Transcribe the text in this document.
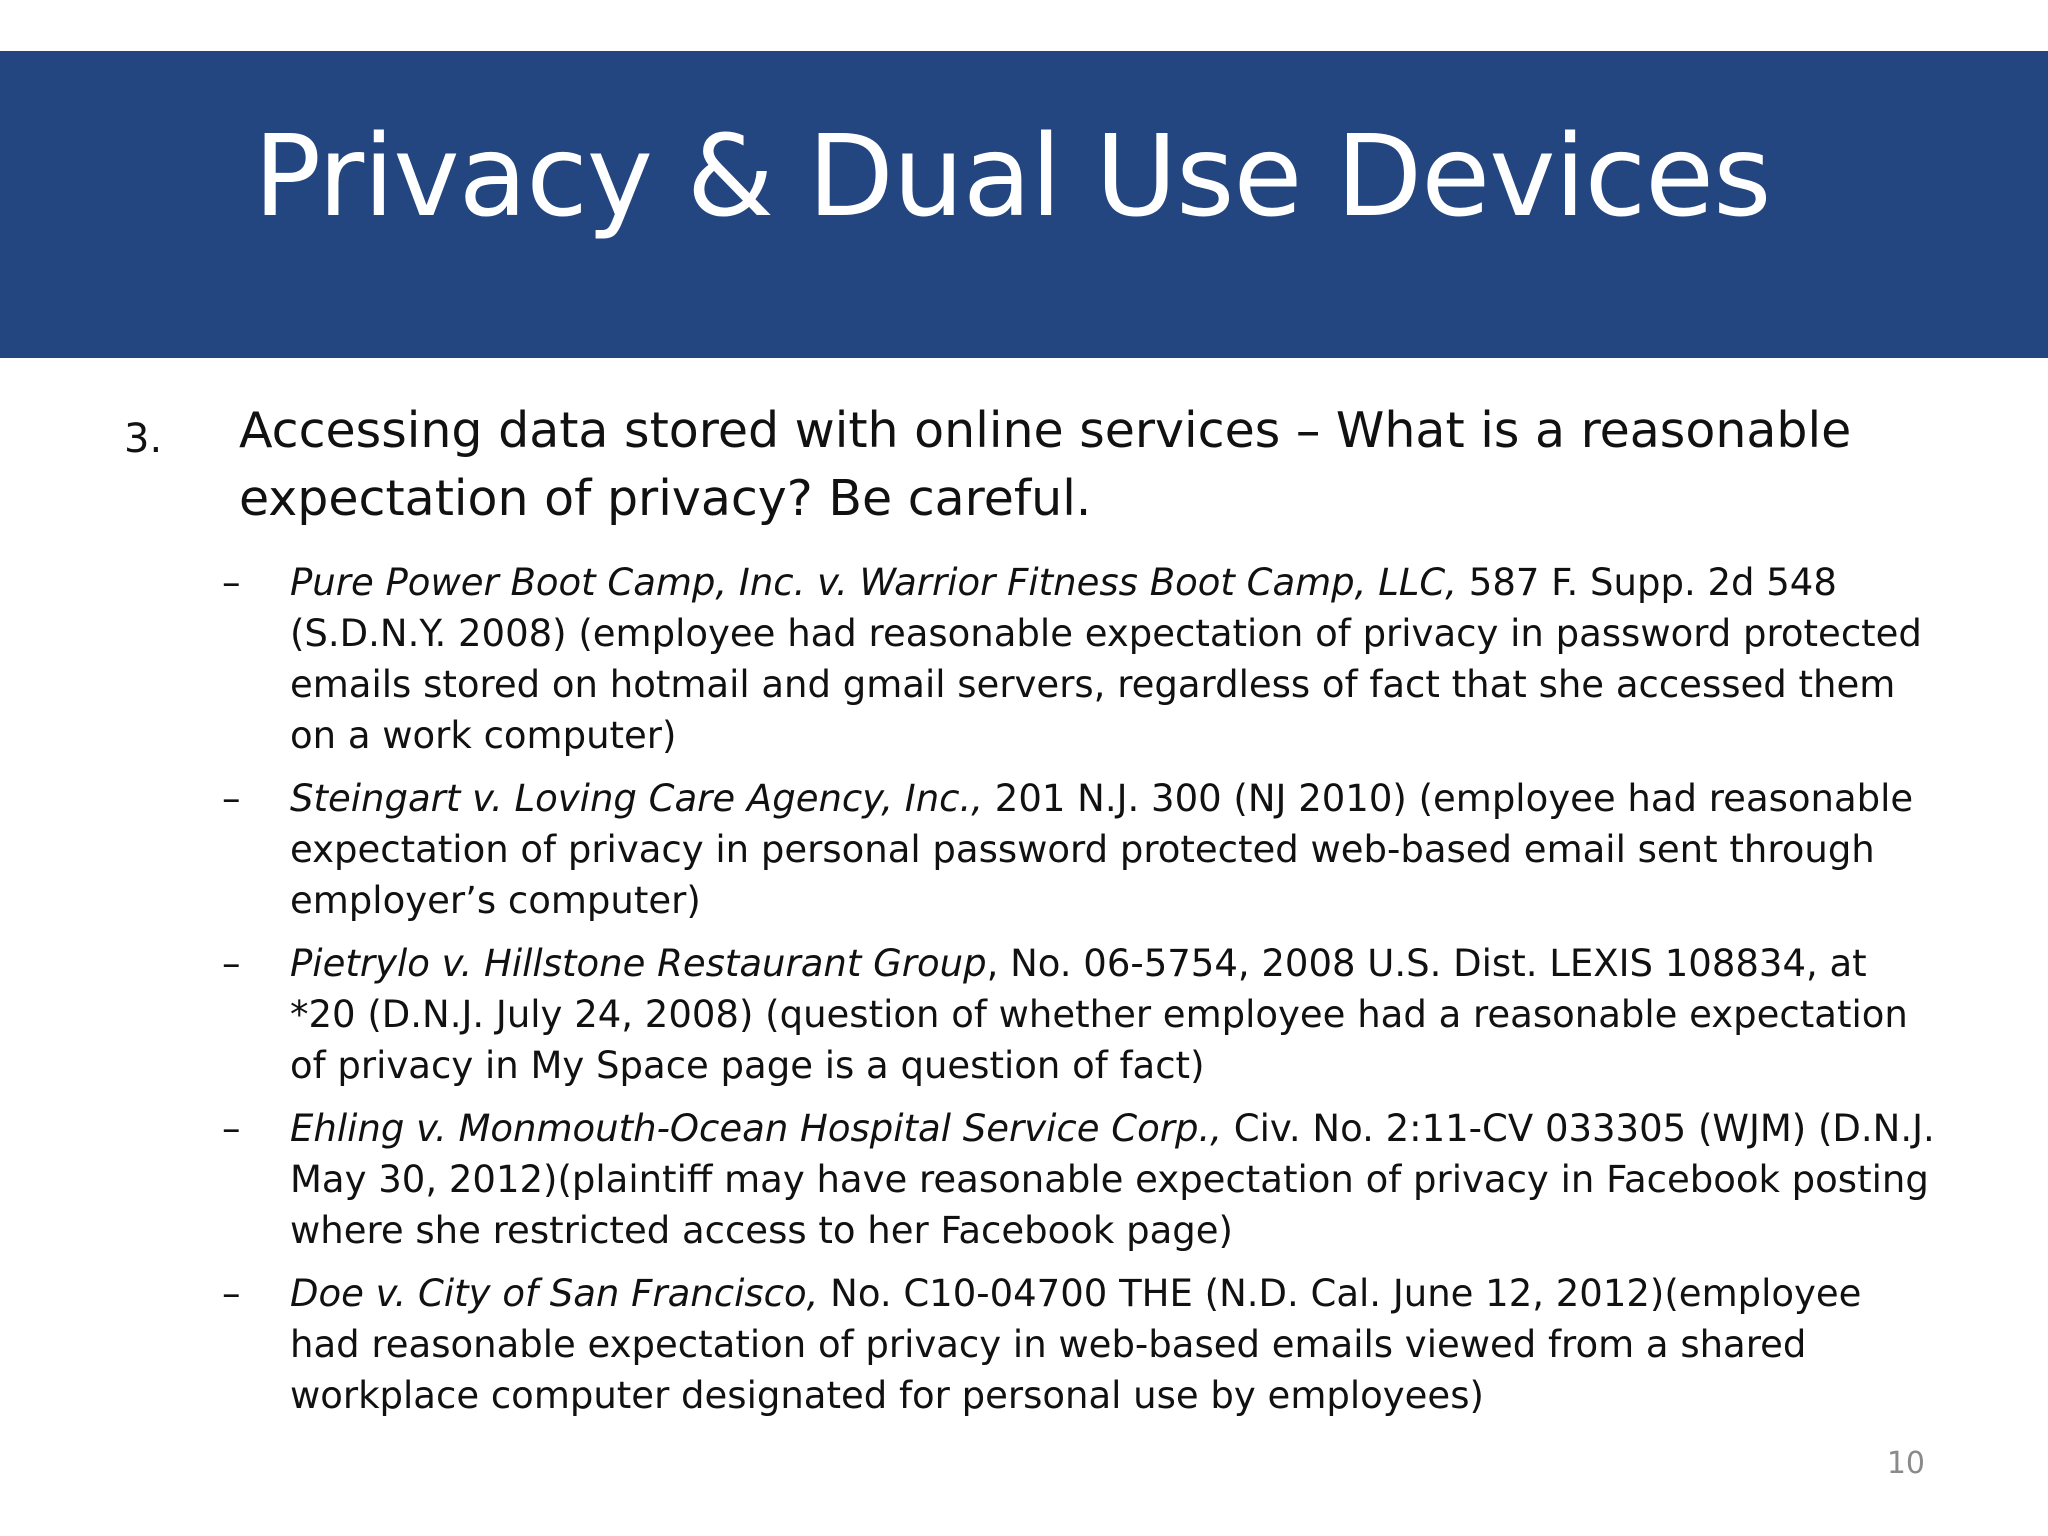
Privacy & Dual Use Devices
3. Accessing data stored with online services – What is a reasonable expectation of privacy? Be careful.
– Pure Power Boot Camp, Inc. v. Warrior Fitness Boot Camp, LLC, 587 F. Supp. 2d 548 (S.D.N.Y. 2008) (employee had reasonable expectation of privacy in password protected emails stored on hotmail and gmail servers, regardless of fact that she accessed them on a work computer)
– Steingart v. Loving Care Agency, Inc., 201 N.J. 300 (NJ 2010) (employee had reasonable expectation of privacy in personal password protected web-based email sent through employer’s computer)
– Pietrylo v. Hillstone Restaurant Group, No. 06-5754, 2008 U.S. Dist. LEXIS 108834, at *20 (D.N.J. July 24, 2008) (question of whether employee had a reasonable expectation of privacy in My Space page is a question of fact)
– Ehling v. Monmouth-Ocean Hospital Service Corp., Civ. No. 2:11-CV 033305 (WJM) (D.N.J. May 30, 2012)(plaintiff may have reasonable expectation of privacy in Facebook posting where she restricted access to her Facebook page)
– Doe v. City of San Francisco, No. C10-04700 THE (N.D. Cal. June 12, 2012)(employee had reasonable expectation of privacy in web-based emails viewed from a shared workplace computer designated for personal use by employees)
10
